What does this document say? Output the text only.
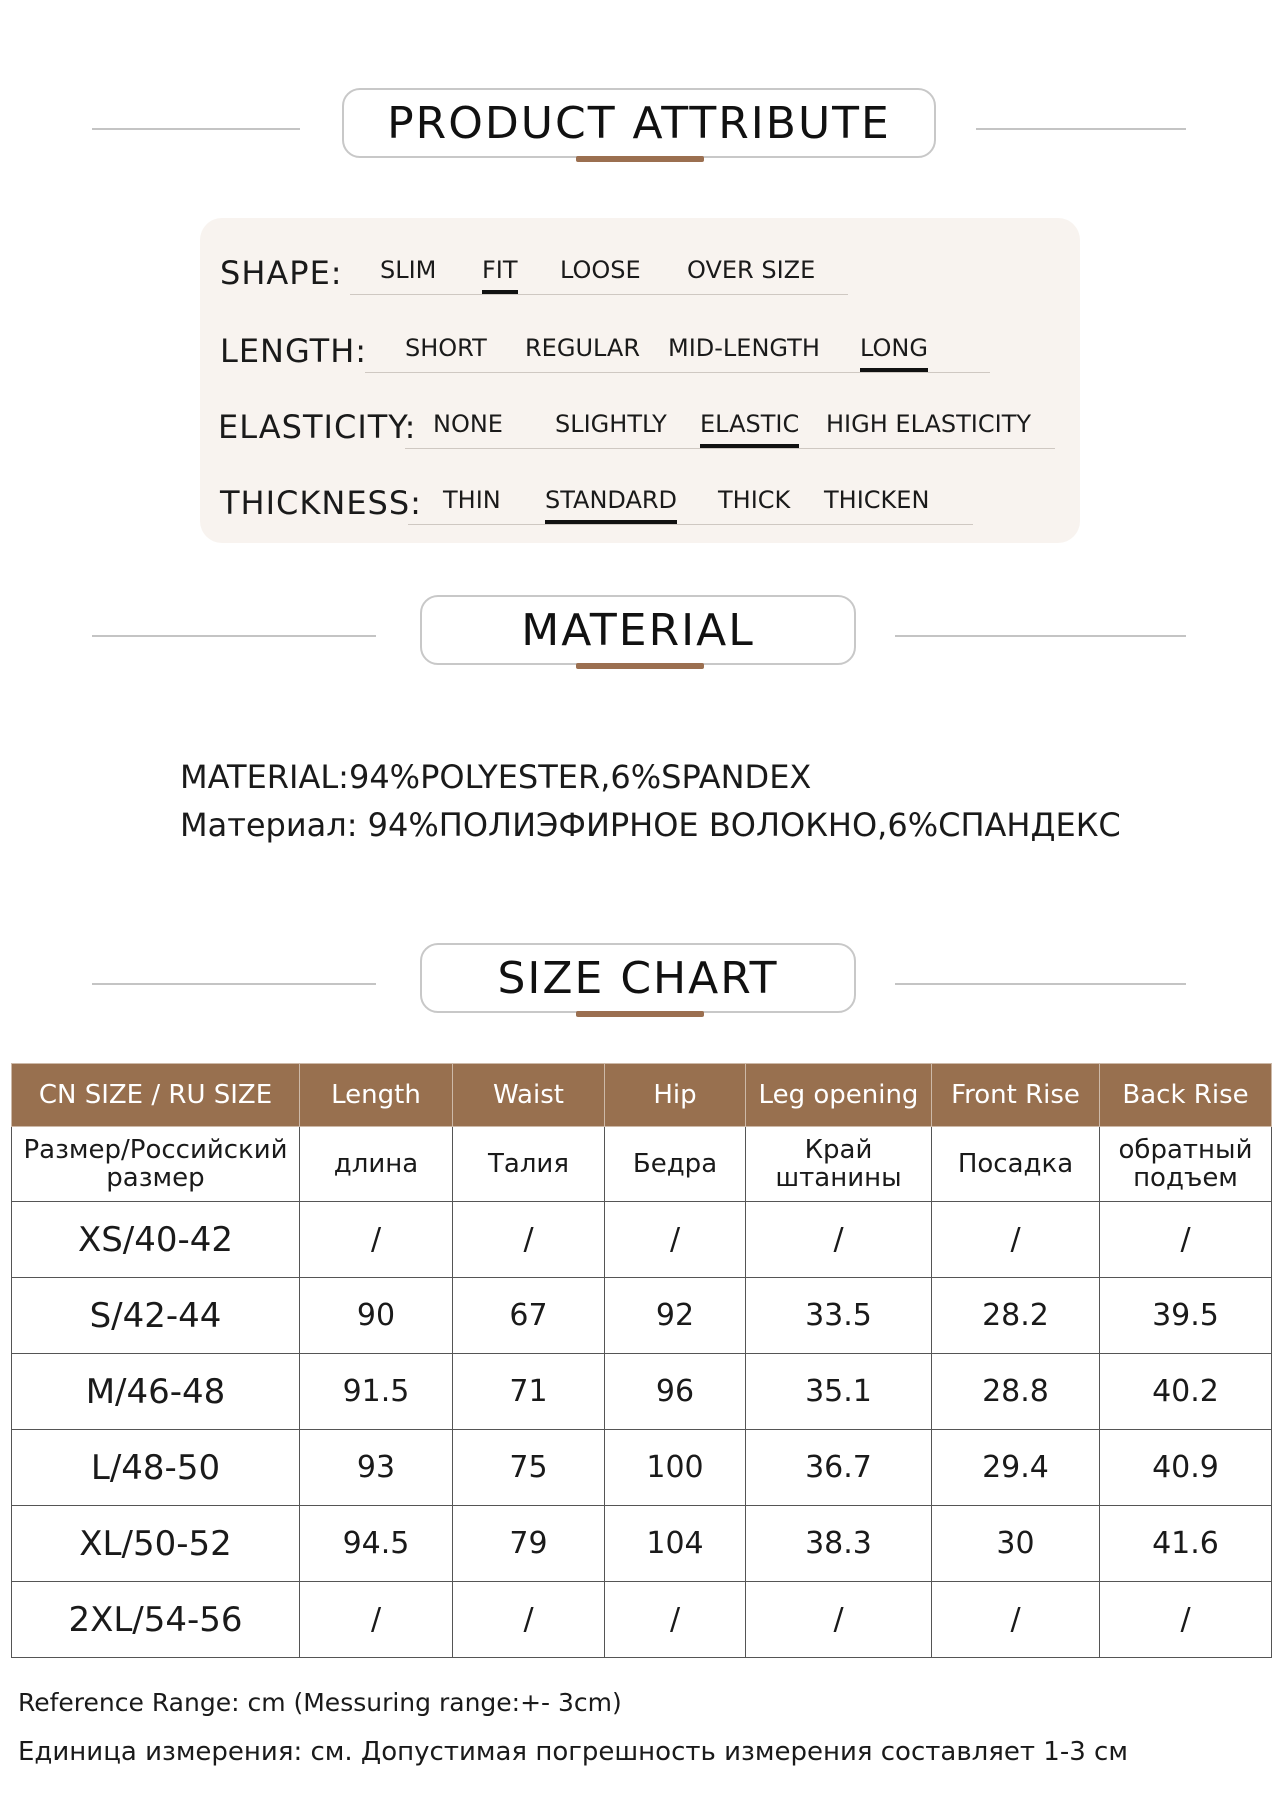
PRODUCT ATTRIBUTE
SHAPE: SLIM FIT LOOSE OVER SIZE
LENGTH: SHORT REGULAR MID-LENGTH LONG
ELASTICITY: NONE SLIGHTLY ELASTIC HIGH ELASTICITY
THICKNESS: THIN STANDARD THICK THICKEN
MATERIAL
MATERIAL:94%POLYESTER,6%SPANDEX
Материал: 94%ПОЛИЭФИРНОЕ ВОЛОКНО,6%СПАНДЕКС
SIZE CHART
CN SIZE / RU SIZE	Length	Waist	Hip	Leg opening	Front Rise	Back Rise
Размер/Российский размер	длина	Талия	Бедра	Край штанины	Посадка	обратный подъем
XS/40-42	/	/	/	/	/	/
S/42-44	90	67	92	33.5	28.2	39.5
M/46-48	91.5	71	96	35.1	28.8	40.2
L/48-50	93	75	100	36.7	29.4	40.9
XL/50-52	94.5	79	104	38.3	30	41.6
2XL/54-56	/	/	/	/	/	/
Reference Range: cm (Messuring range:+- 3cm)
Единица измерения: см. Допустимая погрешность измерения составляет 1-3 см
